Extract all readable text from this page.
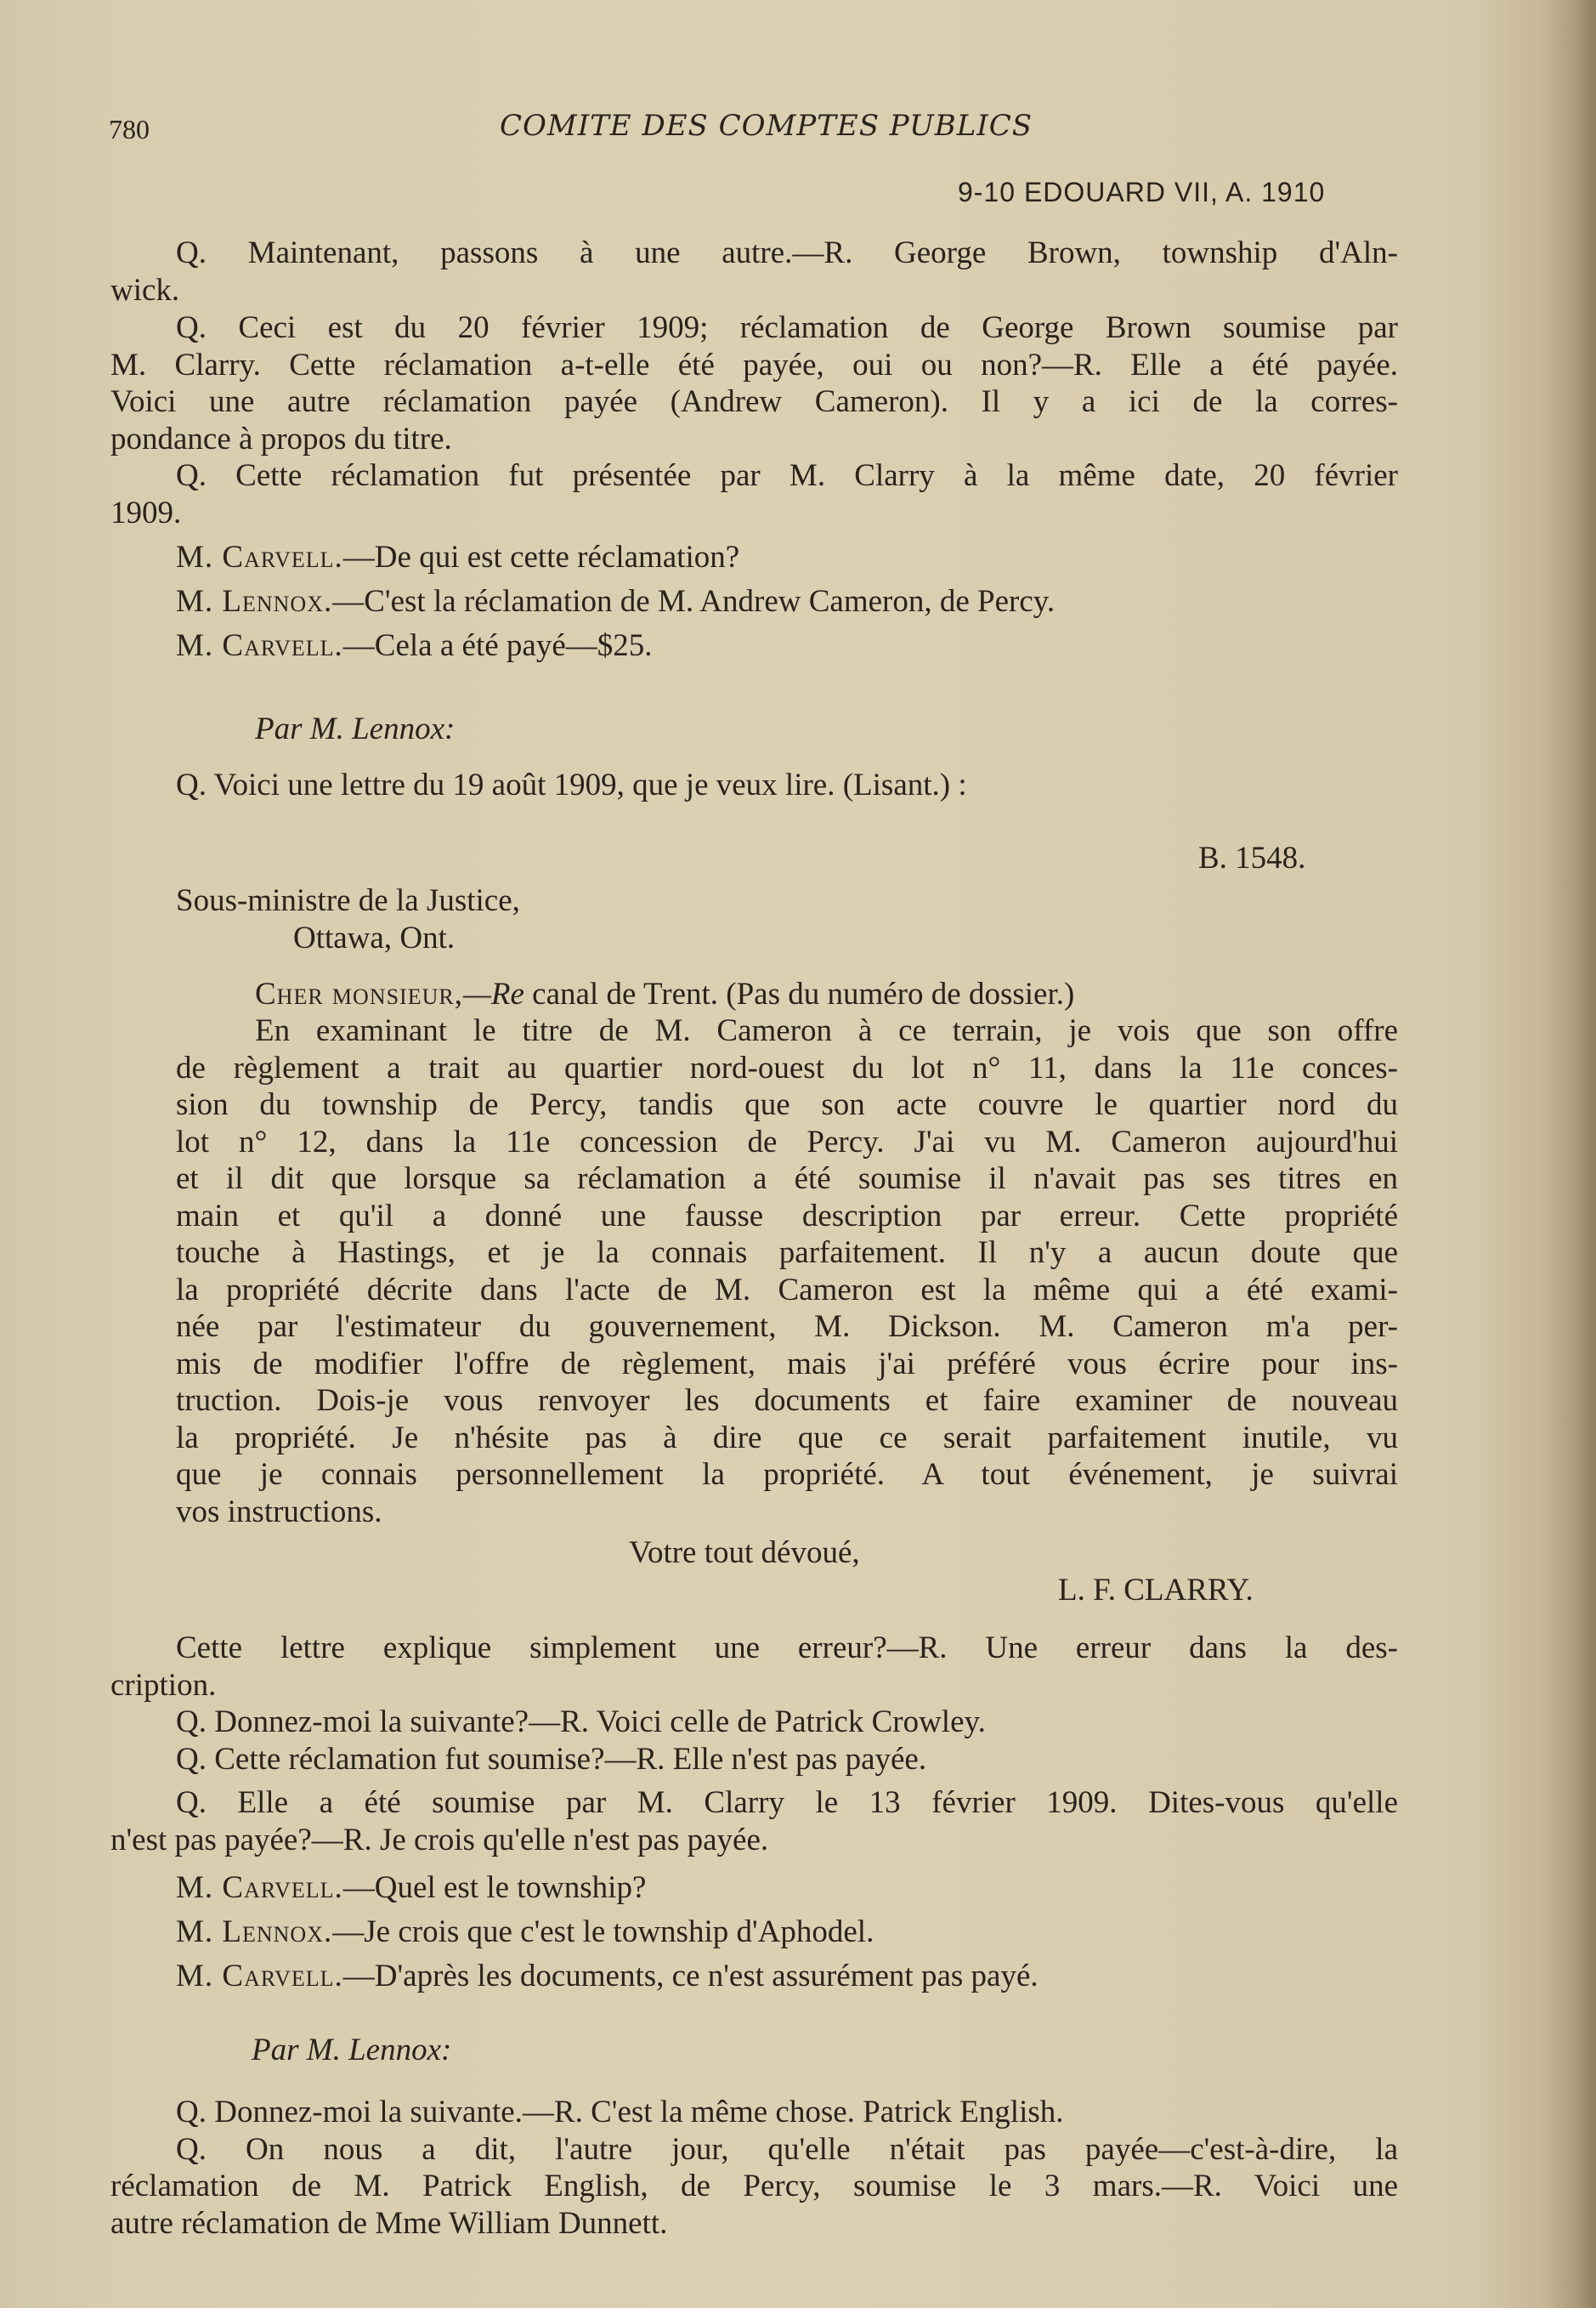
780	COMITE DES COMPTES PUBLICS
9-10 EDOUARD VII, A. 1910
Q. Maintenant, passons à une autre.—R. George Brown, township d'Aln-
wick.
Q. Ceci est du 20 février 1909; réclamation de George Brown soumise par
M. Clarry. Cette réclamation a-t-elle été payée, oui ou non?—R. Elle a été payée.
Voici une autre réclamation payée (Andrew Cameron). Il y a ici de la corres-
pondance à propos du titre.
Q. Cette réclamation fut présentée par M. Clarry à la même date, 20 février
1909.
M. Carvell.—De qui est cette réclamation?
M. Lennox.—C'est la réclamation de M. Andrew Cameron, de Percy.
M. Carvell.—Cela a été payé—$25.
Par M. Lennox:
Q. Voici une lettre du 19 août 1909, que je veux lire. (Lisant.) :
B. 1548.
Sous-ministre de la Justice,
Ottawa, Ont.
Cher monsieur,—Re canal de Trent. (Pas du numéro de dossier.)
En examinant le titre de M. Cameron à ce terrain, je vois que son offre
de règlement a trait au quartier nord-ouest du lot n° 11, dans la 11e conces-
sion du township de Percy, tandis que son acte couvre le quartier nord du
lot n° 12, dans la 11e concession de Percy. J'ai vu M. Cameron aujourd'hui
et il dit que lorsque sa réclamation a été soumise il n'avait pas ses titres en
main et qu'il a donné une fausse description par erreur. Cette propriété
touche à Hastings, et je la connais parfaitement. Il n'y a aucun doute que
la propriété décrite dans l'acte de M. Cameron est la même qui a été exami-
née par l'estimateur du gouvernement, M. Dickson. M. Cameron m'a per-
mis de modifier l'offre de règlement, mais j'ai préféré vous écrire pour ins-
truction. Dois-je vous renvoyer les documents et faire examiner de nouveau
la propriété. Je n'hésite pas à dire que ce serait parfaitement inutile, vu
que je connais personnellement la propriété. A tout événement, je suivrai
vos instructions.
Votre tout dévoué,
L. F. CLARRY.
Cette lettre explique simplement une erreur?—R. Une erreur dans la des-
cription.
Q. Donnez-moi la suivante?—R. Voici celle de Patrick Crowley.
Q. Cette réclamation fut soumise?—R. Elle n'est pas payée.
Q. Elle a été soumise par M. Clarry le 13 février 1909. Dites-vous qu'elle
n'est pas payée?—R. Je crois qu'elle n'est pas payée.
M. Carvell.—Quel est le township?
M. Lennox.—Je crois que c'est le township d'Aphodel.
M. Carvell.—D'après les documents, ce n'est assurément pas payé.
Par M. Lennox:
Q. Donnez-moi la suivante.—R. C'est la même chose. Patrick English.
Q. On nous a dit, l'autre jour, qu'elle n'était pas payée—c'est-à-dire, la
réclamation de M. Patrick English, de Percy, soumise le 3 mars.—R. Voici une
autre réclamation de Mme William Dunnett.
